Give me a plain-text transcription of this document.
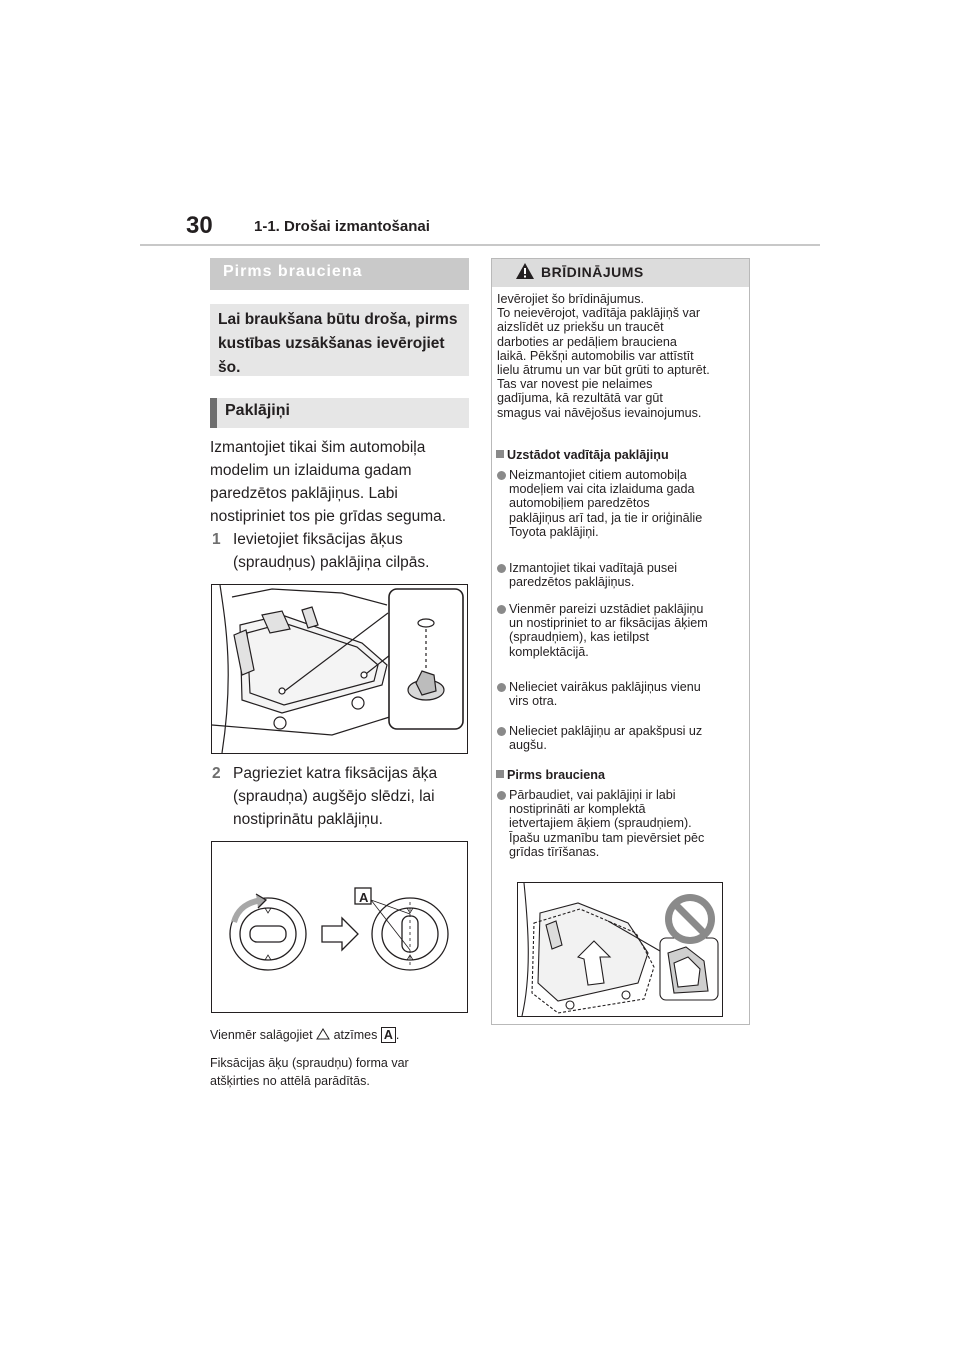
30	1-1. Drošai izmantošanai
Pirms brauciena

Lai braukšana būtu droša, pirms kustības uzsākšanas ievērojiet šo.

Paklājiņi
Izmantojiet tikai šim automobiļa
modelim un izlaiduma gadam
paredzētos paklājiņus. Labi
nostipriniet tos pie grīdas seguma.
1 Ievietojiet fiksācijas āķus
(spraudņus) paklājiņa cilpās.
2 Pagrieziet katra fiksācijas āķa
(spraudņa) augšējo slēdzi, lai
nostiprinātu paklājiņu.
A
Vienmēr salāgojiet atzīmes A .
Fiksācijas āķu (spraudņu) forma var
atšķirties no attēlā parādītās.
BRĪDINĀJUMS
Ievērojiet šo brīdinājumus.
To neievērojot, vadītāja paklājiņš var
aizslīdēt uz priekšu un traucēt
darboties ar pedāļiem brauciena
laikā. Pēkšņi automobilis var attīstīt
lielu ātrumu un var būt grūti to apturēt.
Tas var novest pie nelaimes
gadījuma, kā rezultātā var gūt
smagus vai nāvējošus ievainojumus.
Uzstādot vadītāja paklājiņu
Neizmantojiet citiem automobiļa
modeļiem vai cita izlaiduma gada
automobiļiem paredzētos
paklājiņus arī tad, ja tie ir oriģinālie
Toyota paklājiņi.
Izmantojiet tikai vadītajā pusei
paredzētos paklājiņus.
Vienmēr pareizi uzstādiet paklājiņu
un nostipriniet to ar fiksācijas āķiem
(spraudņiem), kas ietilpst
komplektācijā.
Nelieciet vairākus paklājiņus vienu
virs otra.
Nelieciet paklājiņu ar apakšpusi uz
augšu.
Pirms brauciena
Pārbaudiet, vai paklājiņi ir labi
nostiprināti ar komplektā
ietvertajiem āķiem (spraudņiem).
Īpašu uzmanību tam pievērsiet pēc
grīdas tīrīšanas.
